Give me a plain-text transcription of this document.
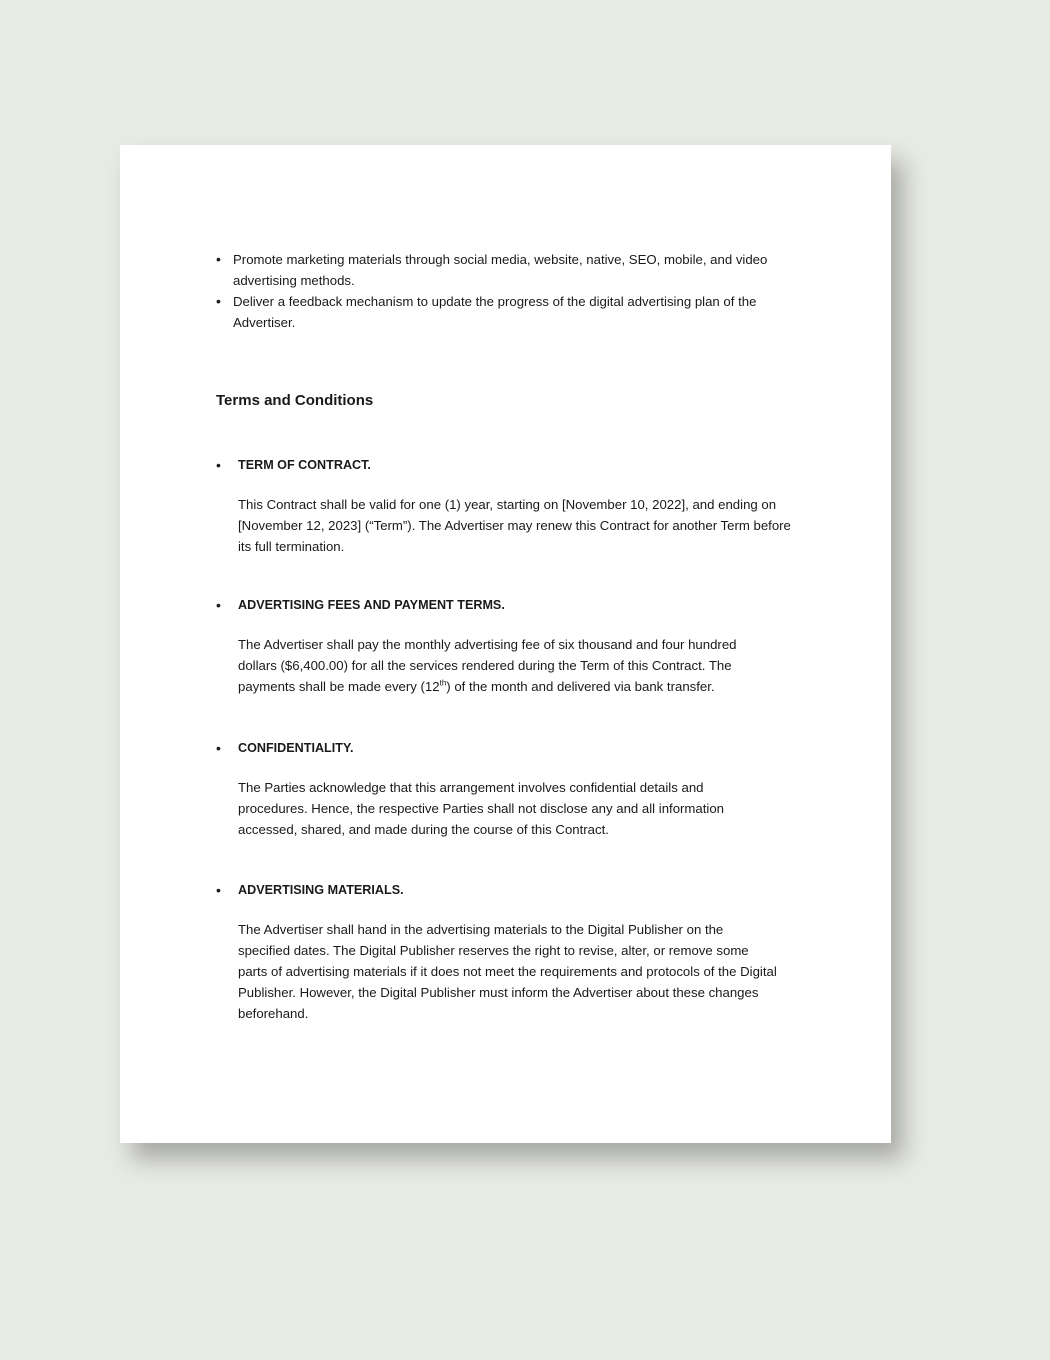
• Promote marketing materials through social media, website, native, SEO, mobile, and video advertising methods.
• Deliver a feedback mechanism to update the progress of the digital advertising plan of the Advertiser.
Terms and Conditions
• TERM OF CONTRACT.

This Contract shall be valid for one (1) year, starting on [November 10, 2022], and ending on [November 12, 2023] (“Term”). The Advertiser may renew this Contract for another Term before its full termination.

• ADVERTISING FEES AND PAYMENT TERMS.

The Advertiser shall pay the monthly advertising fee of six thousand and four hundred dollars ($6,400.00) for all the services rendered during the Term of this Contract. The payments shall be made every (12th) of the month and delivered via bank transfer.

• CONFIDENTIALITY.

The Parties acknowledge that this arrangement involves confidential details and procedures. Hence, the respective Parties shall not disclose any and all information accessed, shared, and made during the course of this Contract.

• ADVERTISING MATERIALS.

The Advertiser shall hand in the advertising materials to the Digital Publisher on the specified dates. The Digital Publisher reserves the right to revise, alter, or remove some parts of advertising materials if it does not meet the requirements and protocols of the Digital Publisher. However, the Digital Publisher must inform the Advertiser about these changes beforehand.
